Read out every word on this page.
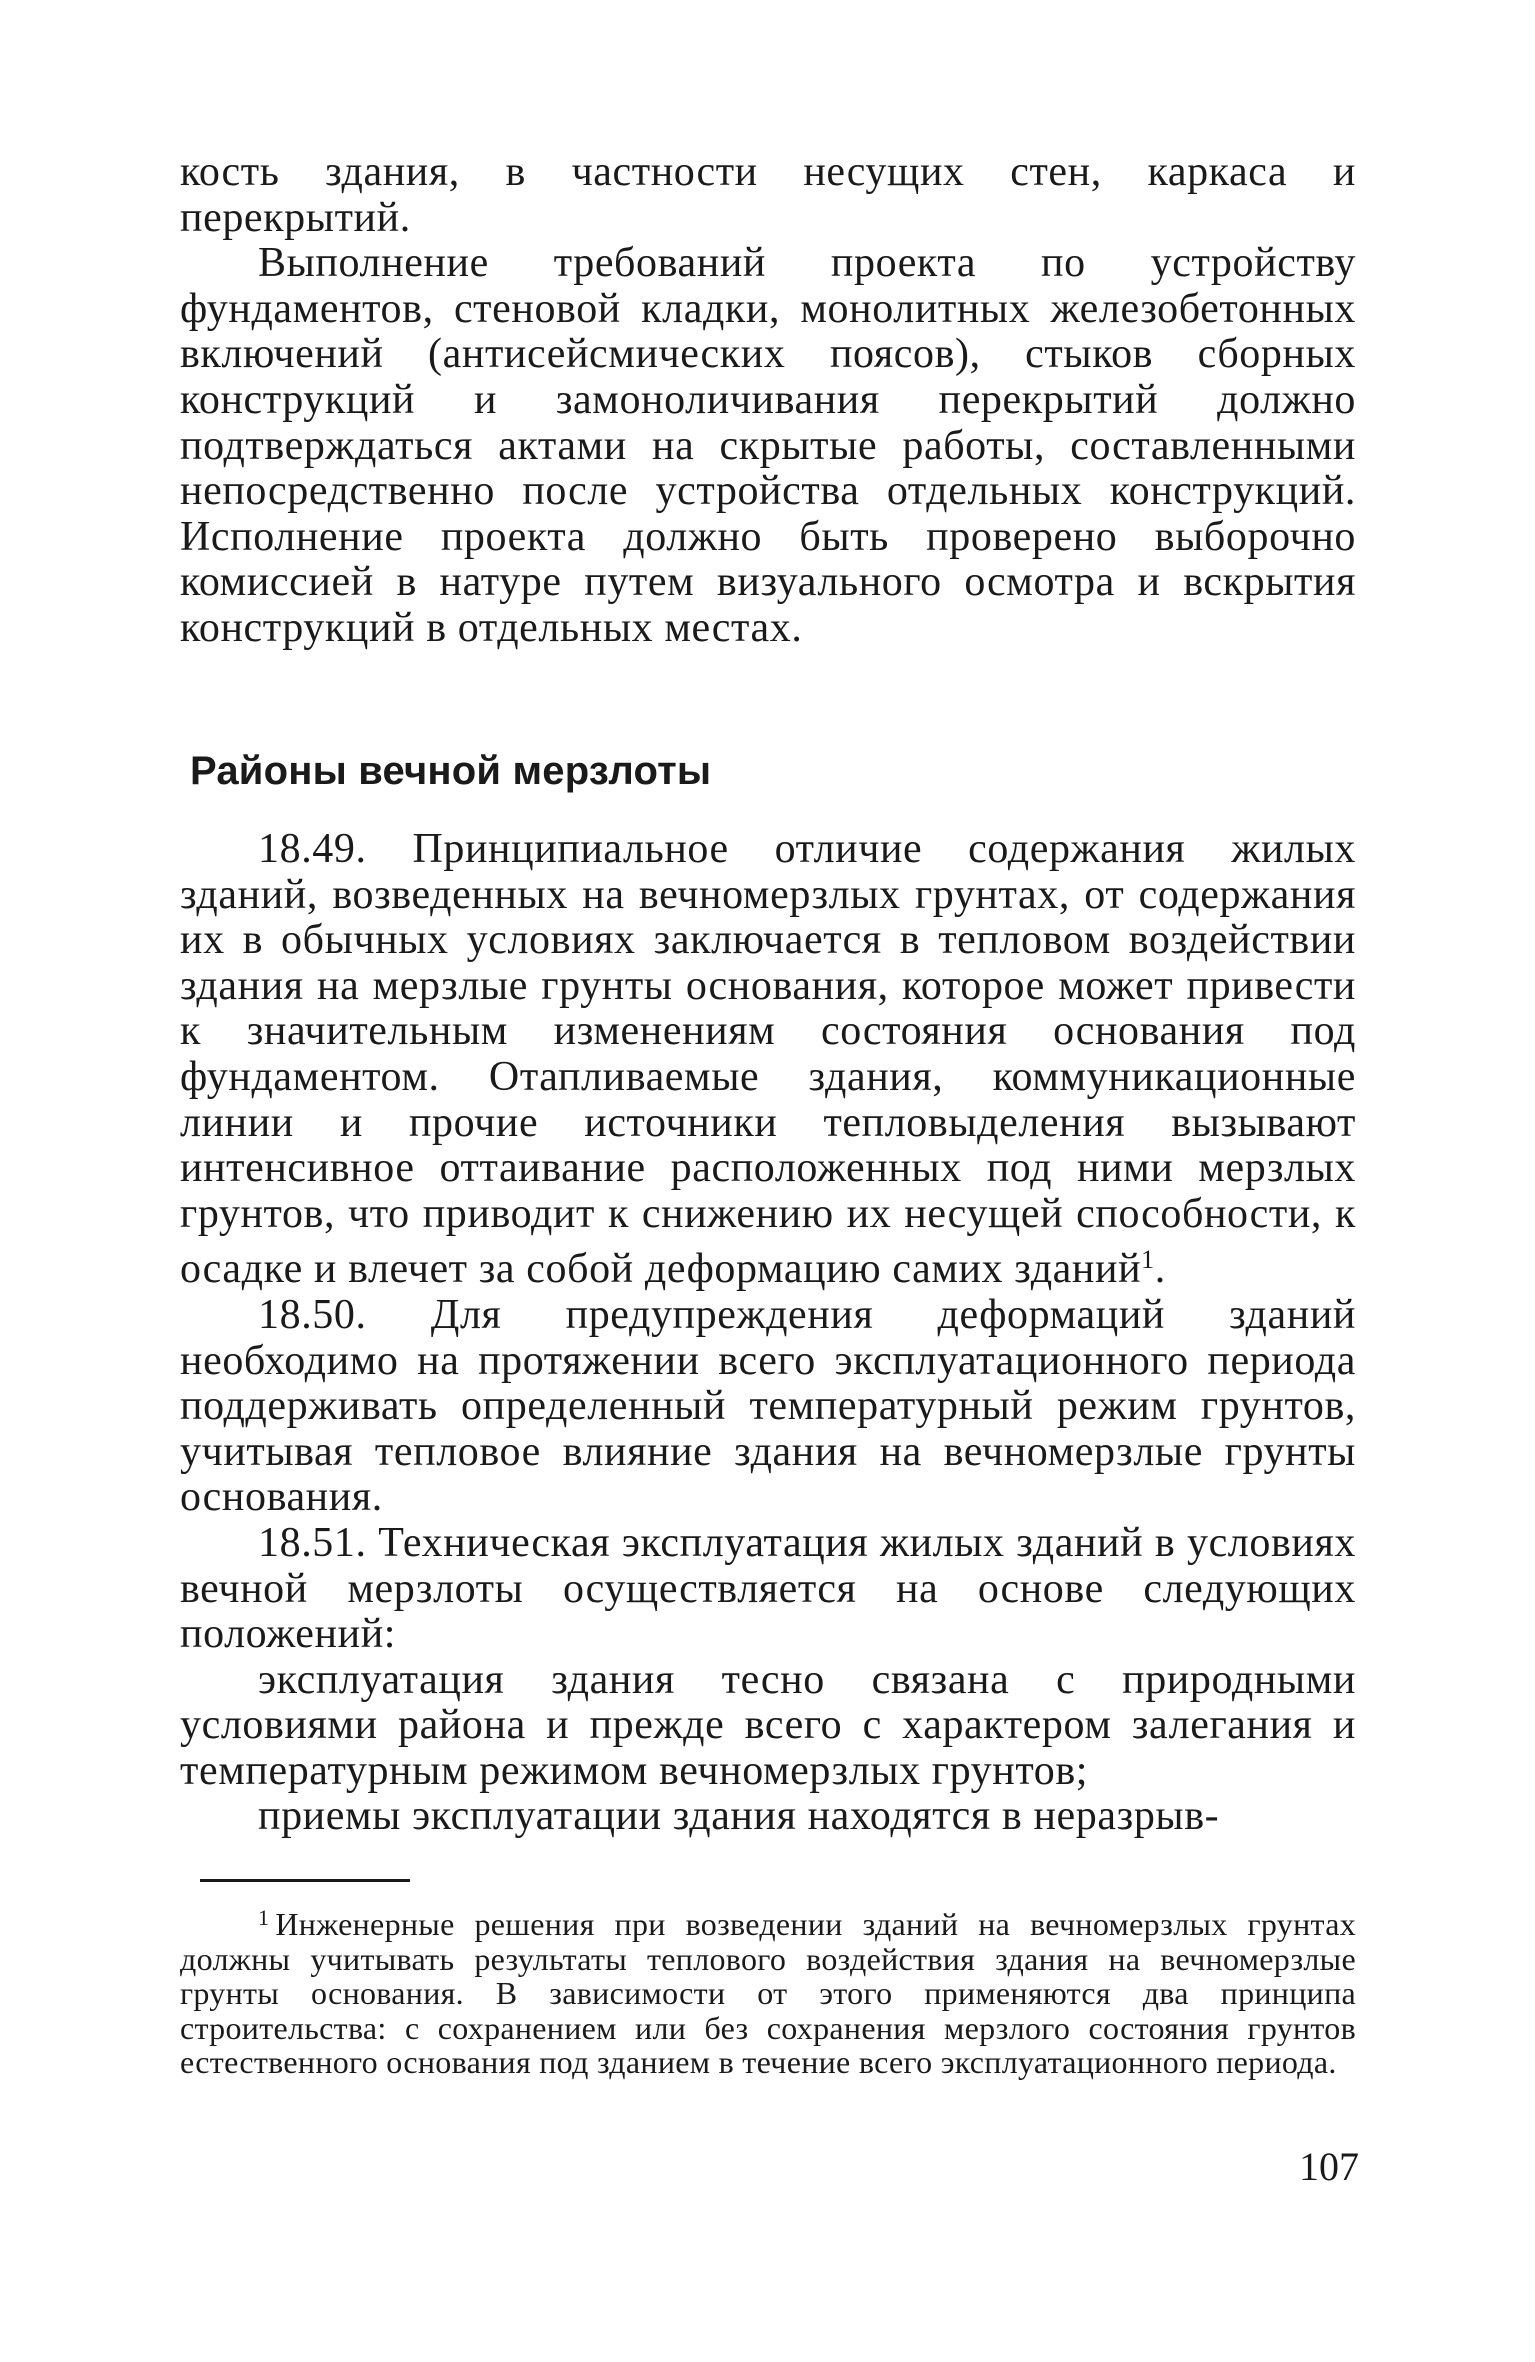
кость здания, в частности несущих стен, каркаса и перекрытий.

Выполнение требований проекта по устройству фундаментов, стеновой кладки, монолитных железобетонных включений (антисейсмических поясов), стыков сборных конструкций и замоноличивания перекрытий должно подтверждаться актами на скрытые работы, составленными непосредственно после устройства отдельных конструкций. Исполнение проекта должно быть проверено выборочно комиссией в натуре путем визуального осмотра и вскрытия конструкций в отдельных местах.

Районы вечной мерзлоты

18.49. Принципиальное отличие содержания жилых зданий, возведенных на вечномерзлых грунтах, от содержания их в обычных условиях заключается в тепловом воздействии здания на мерзлые грунты основания, которое может привести к значительным изменениям состояния основания под фундаментом. Отапливаемые здания, коммуникационные линии и прочие источники тепловыделения вызывают интенсивное оттаивание расположенных под ними мерзлых грунтов, что приводит к снижению их несущей способности, к осадке и влечет за собой деформацию самих зданий$^1$.

18.50. Для предупреждения деформаций зданий необходимо на протяжении всего эксплуатационного периода поддерживать определенный температурный режим грунтов, учитывая тепловое влияние здания на вечномерзлые грунты основания.

18.51. Техническая эксплуатация жилых зданий в условиях вечной мерзлоты осуществляется на основе следующих положений:

эксплуатация здания тесно связана с природными условиями района и прежде всего с характером залегания и температурным режимом вечномерзлых грунтов;

приемы эксплуатации здания находятся в неразрыв-

$^1$ Инженерные решения при возведении зданий на вечномерзлых грунтах должны учитывать результаты теплового воздействия здания на вечномерзлые грунты основания. В зависимости от этого применяются два принципа строительства: с сохранением или без сохранения мерзлого состояния грунтов естественного основания под зданием в течение всего эксплуатационного периода.

107
